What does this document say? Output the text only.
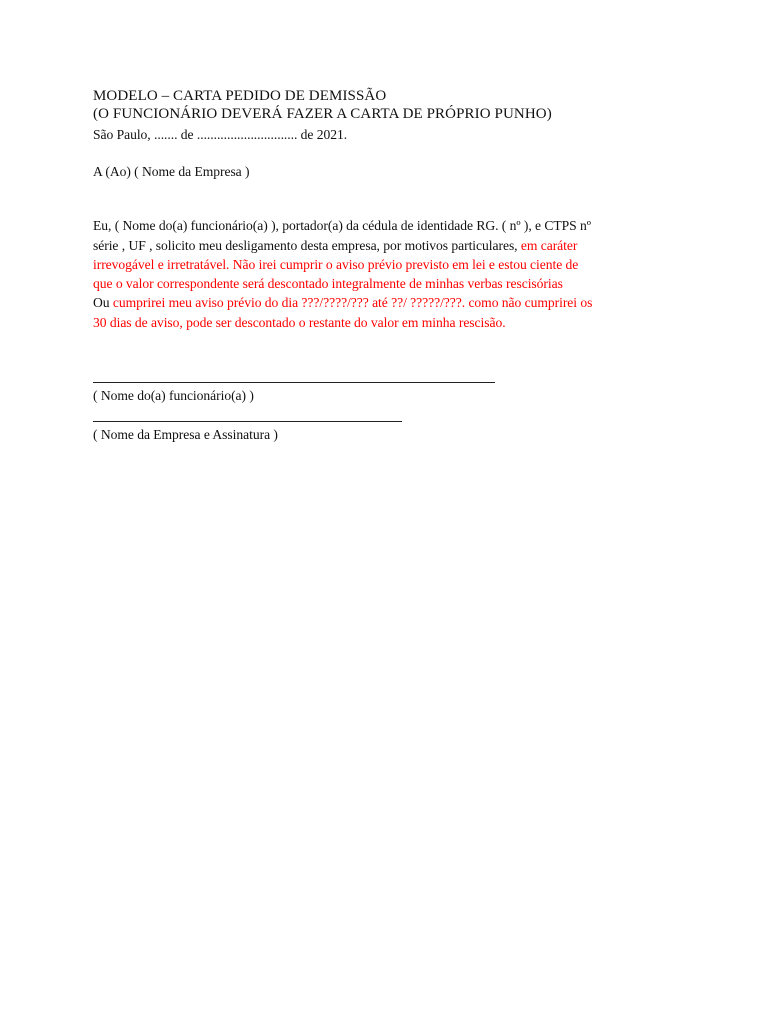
MODELO – CARTA PEDIDO DE DEMISSÃO
(O FUNCIONÁRIO DEVERÁ FAZER A CARTA DE PRÓPRIO PUNHO)
São Paulo, ....... de .............................. de 2021.
A (Ao) ( Nome da Empresa )
Eu, ( Nome do(a) funcionário(a) ), portador(a) da cédula de identidade RG. ( nº ), e CTPS nº
série , UF , solicito meu desligamento desta empresa, por motivos particulares, em caráter
irrevogável e irretratável. Não irei cumprir o aviso prévio previsto em lei e estou ciente de
que o valor correspondente será descontado integralmente de minhas verbas rescisórias
Ou cumprirei meu aviso prévio do dia ???/????/??? até ??/ ?????/???. como não cumprirei os
30 dias de aviso, pode ser descontado o restante do valor em minha rescisão.
( Nome do(a) funcionário(a) )
( Nome da Empresa e Assinatura )
